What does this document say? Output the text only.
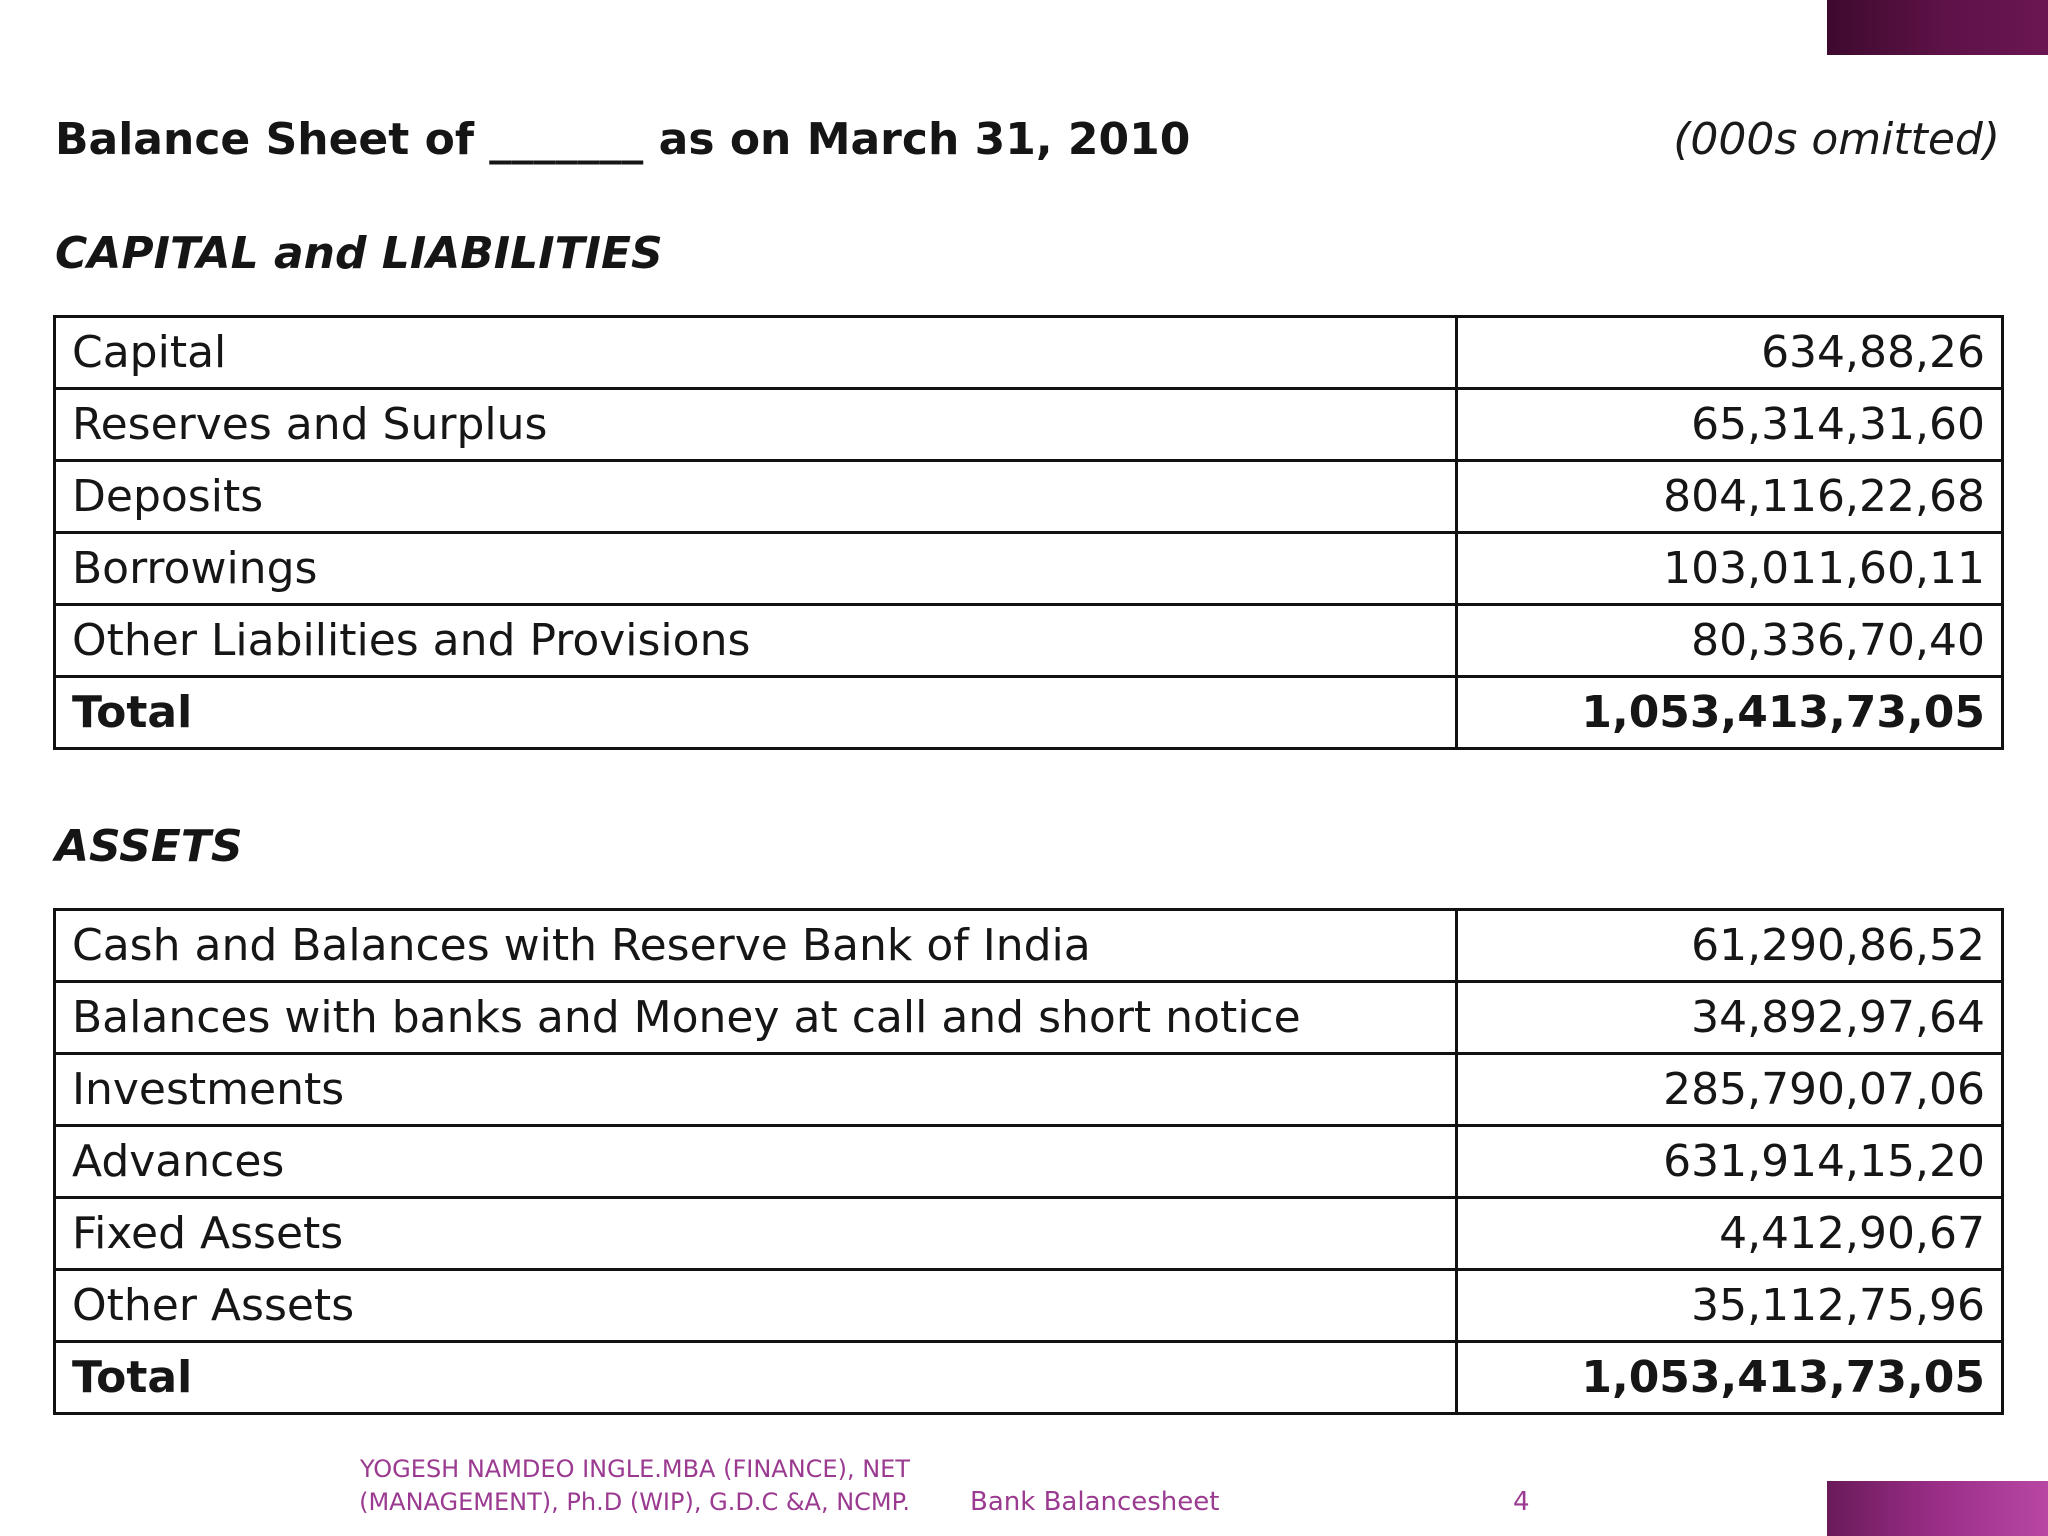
Balance Sheet of _______ as on March 31, 2010	(000s omitted)
CAPITAL and LIABILITIES
Capital	634,88,26
Reserves and Surplus	65,314,31,60
Deposits	804,116,22,68
Borrowings	103,011,60,11
Other Liabilities and Provisions	80,336,70,40
Total	1,053,413,73,05
ASSETS
Cash and Balances with Reserve Bank of India	61,290,86,52
Balances with banks and Money at call and short notice	34,892,97,64
Investments	285,790,07,06
Advances	631,914,15,20
Fixed Assets	4,412,90,67
Other Assets	35,112,75,96
Total	1,053,413,73,05
YOGESH NAMDEO INGLE.MBA (FINANCE), NET
(MANAGEMENT), Ph.D (WIP), G.D.C &A, NCMP. Bank Balancesheet	4
